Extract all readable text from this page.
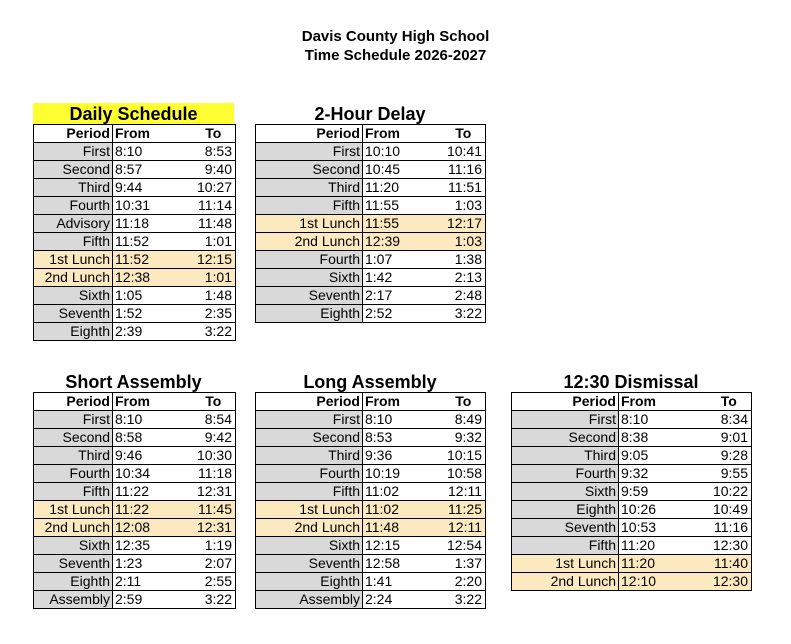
Davis County High School
Time Schedule 2026-2027
Daily Schedule
Period	From	To
First	8:10	8:53
Second	8:57	9:40
Third	9:44	10:27
Fourth	10:31	11:14
Advisory	11:18	11:48
Fifth	11:52	1:01
1st Lunch	11:52	12:15
2nd Lunch	12:38	1:01
Sixth	1:05	1:48
Seventh	1:52	2:35
Eighth	2:39	3:22
2-Hour Delay
Period	From	To
First	10:10	10:41
Second	10:45	11:16
Third	11:20	11:51
Fifth	11:55	1:03
1st Lunch	11:55	12:17
2nd Lunch	12:39	1:03
Fourth	1:07	1:38
Sixth	1:42	2:13
Seventh	2:17	2:48
Eighth	2:52	3:22
Short Assembly
Period	From	To
First	8:10	8:54
Second	8:58	9:42
Third	9:46	10:30
Fourth	10:34	11:18
Fifth	11:22	12:31
1st Lunch	11:22	11:45
2nd Lunch	12:08	12:31
Sixth	12:35	1:19
Seventh	1:23	2:07
Eighth	2:11	2:55
Assembly	2:59	3:22
Long Assembly
Period	From	To
First	8:10	8:49
Second	8:53	9:32
Third	9:36	10:15
Fourth	10:19	10:58
Fifth	11:02	12:11
1st Lunch	11:02	11:25
2nd Lunch	11:48	12:11
Sixth	12:15	12:54
Seventh	12:58	1:37
Eighth	1:41	2:20
Assembly	2:24	3:22
12:30 Dismissal
Period	From	To
First	8:10	8:34
Second	8:38	9:01
Third	9:05	9:28
Fourth	9:32	9:55
Sixth	9:59	10:22
Eighth	10:26	10:49
Seventh	10:53	11:16
Fifth	11:20	12:30
1st Lunch	11:20	11:40
2nd Lunch	12:10	12:30
